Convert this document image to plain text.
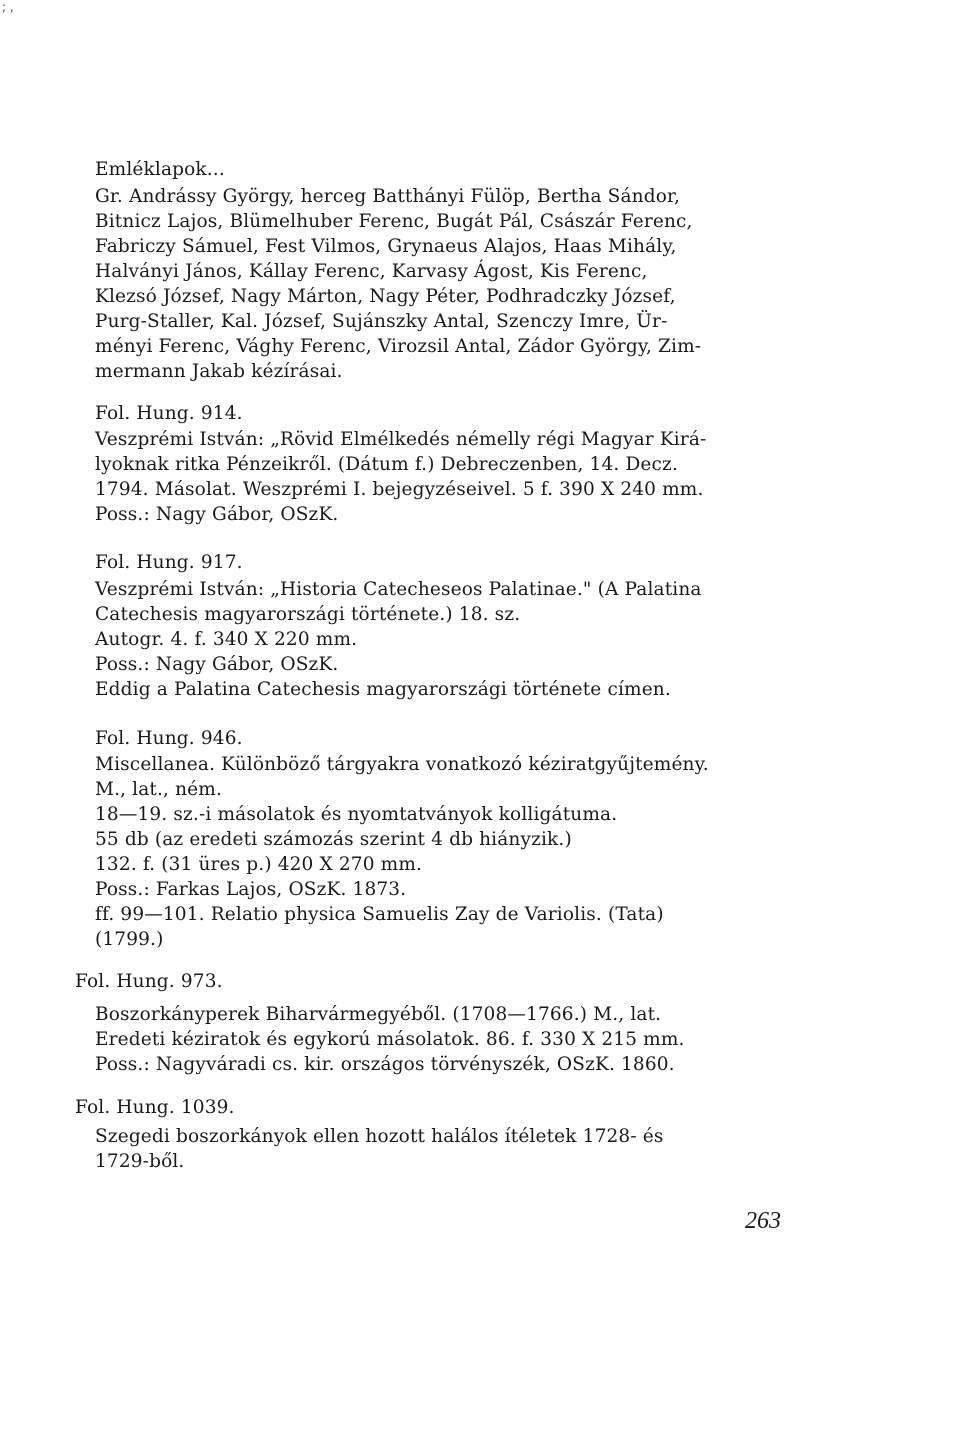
; ,
Emléklapok...
Gr. Andrássy György, herceg Batthányi Fülöp, Bertha Sándor,
Bitnicz Lajos, Blümelhuber Ferenc, Bugát Pál, Császár Ferenc,
Fabriczy Sámuel, Fest Vilmos, Grynaeus Alajos, Haas Mihály,
Halványi János, Kállay Ferenc, Karvasy Ágost, Kis Ferenc,
Klezsó József, Nagy Márton, Nagy Péter, Podhradczky József,
Purg-Staller, Kal. József, Sujánszky Antal, Szenczy Imre, Ür-
ményi Ferenc, Vághy Ferenc, Virozsil Antal, Zádor György, Zim-
mermann Jakab kézírásai.
Fol. Hung. 914.
Veszprémi István: „Rövid Elmélkedés némelly régi Magyar Kirá-
lyoknak ritka Pénzeikről. (Dátum f.) Debreczenben, 14. Decz.
1794. Másolat. Weszprémi I. bejegyzéseivel. 5 f. 390 X 240 mm.
Poss.: Nagy Gábor, OSzK.
Fol. Hung. 917.
Veszprémi István: „Historia Catecheseos Palatinae." (A Palatina
Catechesis magyarországi története.) 18. sz.
Autogr. 4. f. 340 X 220 mm.
Poss.: Nagy Gábor, OSzK.
Eddig a Palatina Catechesis magyarországi története címen.
Fol. Hung. 946.
Miscellanea. Különböző tárgyakra vonatkozó kéziratgyűjtemény.
M., lat., ném.
18—19. sz.-i másolatok és nyomtatványok kolligátuma.
55 db (az eredeti számozás szerint 4 db hiányzik.)
132. f. (31 üres p.) 420 X 270 mm.
Poss.: Farkas Lajos, OSzK. 1873.
ff. 99—101. Relatio physica Samuelis Zay de Variolis. (Tata)
(1799.)
Fol. Hung. 973.
Boszorkányperek Biharvármegyéből. (1708—1766.) M., lat.
Eredeti kéziratok és egykorú másolatok. 86. f. 330 X 215 mm.
Poss.: Nagyváradi cs. kir. országos törvényszék, OSzK. 1860.
Fol. Hung. 1039.
Szegedi boszorkányok ellen hozott halálos ítéletek 1728- és
1729-ből.
263
